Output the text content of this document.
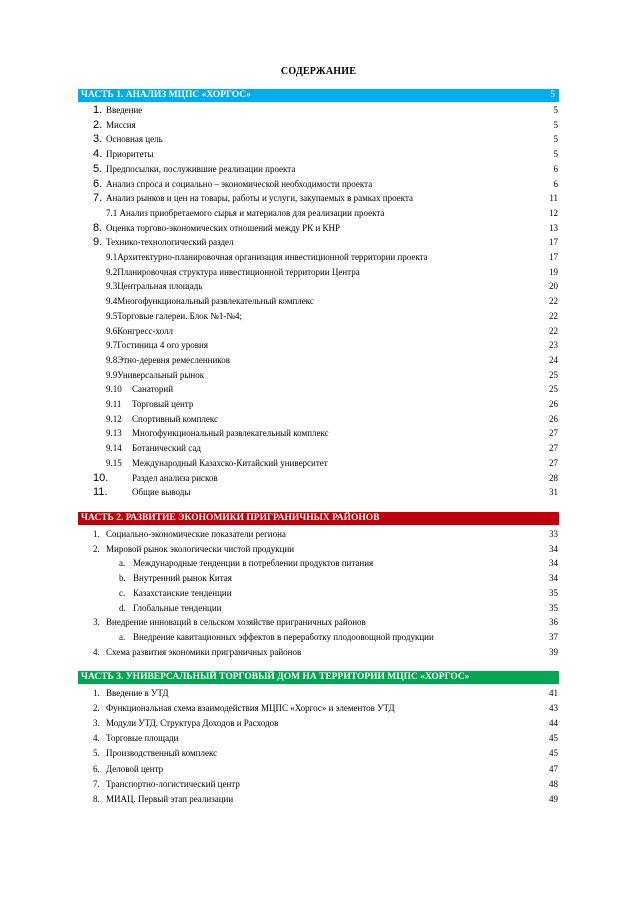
СОДЕРЖАНИЕ
ЧАСТЬ 1. АНАЛИЗ МЦПС «ХОРГОС»	5
1. Введение	5
2. Миссия	5
3. Основная цель	5
4. Приоритеты	5
5. Предпосылки, послужившие реализации проекта	6
6. Анализ спроса и социально – экономической необходимости проекта	6
7. Анализ рынков и цен на товары, работы и услуги, закупаемых в рамках проекта	11
7.1 Анализ приобретаемого сырья и материалов для реализации проекта	12
8. Оценка торгово-экономических отношений между РК и КНР	13
9. Технико-технологический раздел	17
9.1Архитектурно-планировочная организация инвестиционной территории проекта	17
9.2Планировочная структура инвестиционной территории Центра	19
9.3Центральная площадь	20
9.4Многофункциональный развлекательный комплекс	22
9.5Торговые галереи. Блок №1-№4;	22
9.6Конгресс-холл	22
9.7Гостиница 4 ого уровня	23
9.8Этно-деревня ремесленников	24
9.9Универсальный рынок	25
9.10 Санаторий	25
9.11 Торговый центр	26
9.12 Спортивный комплекс	26
9.13 Многофункциональный развлекательный комплекс	27
9.14 Ботанический сад	27
9.15 Международный Казахско-Китайский университет	27
10.	Раздел анализа рисков	28
11.	Общие выводы	31
ЧАСТЬ 2. РАЗВИТИЕ ЭКОНОМИКИ ПРИГРАНИЧНЫХ РАЙОНОВ
1. Социально-экономические показатели региона	33
2. Мировой рынок экологически чистой продукции	34
a. Международные тенденции в потреблении продуктов питания	34
b. Внутренний рынок Китая	34
c. Казахстанские тенденции	35
d. Глобальные тенденции	35
3. Внедрение инноваций в сельском хозяйстве приграничных районов	36
a. Внедрение кавитационных эффектов в переработку плодоовощной продукции	37
4. Схема развития экономики приграничных районов	39
ЧАСТЬ 3. УНИВЕРСАЛЬНЫЙ ТОРГОВЫЙ ДОМ НА ТЕРРИТОРИИ МЦПС «ХОРГОС»
1. Введение в УТД	41
2. Функциональная схема взаимодействия МЦПС «Хоргос» и элементов УТД	43
3. Модули УТД. Структура Доходов и Расходов	44
4. Торговые площади	45
5. Производственный комплекс	45
6. Деловой центр	47
7. Транспортно-логистический центр	48
8. МИАЦ. Первый этап реализации	49
